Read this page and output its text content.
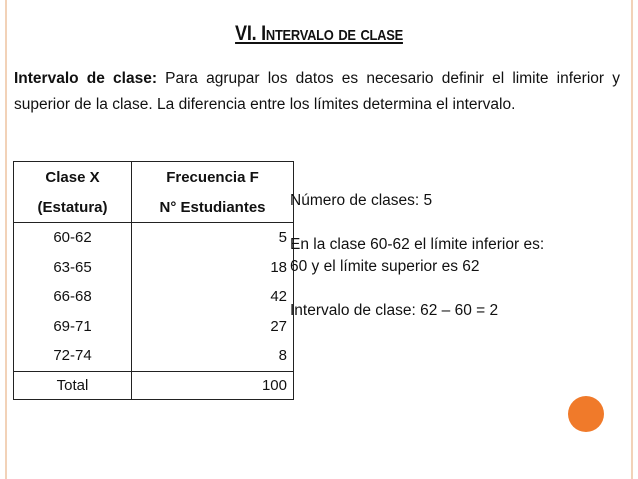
VI. Intervalo de clase
Intervalo de clase: Para agrupar los datos es necesario definir el limite inferior y superior de la clase. La diferencia entre los límites determina el intervalo.
Clase X	Frecuencia F
(Estatura)	N° Estudiantes
60-62	5
63-65	18
66-68	42
69-71	27
72-74	8
Total	100

Número de clases: 5

En la clase 60-62 el límite inferior es:

60 y el límite superior es 62

Intervalo de clase: 62 – 60 = 2
